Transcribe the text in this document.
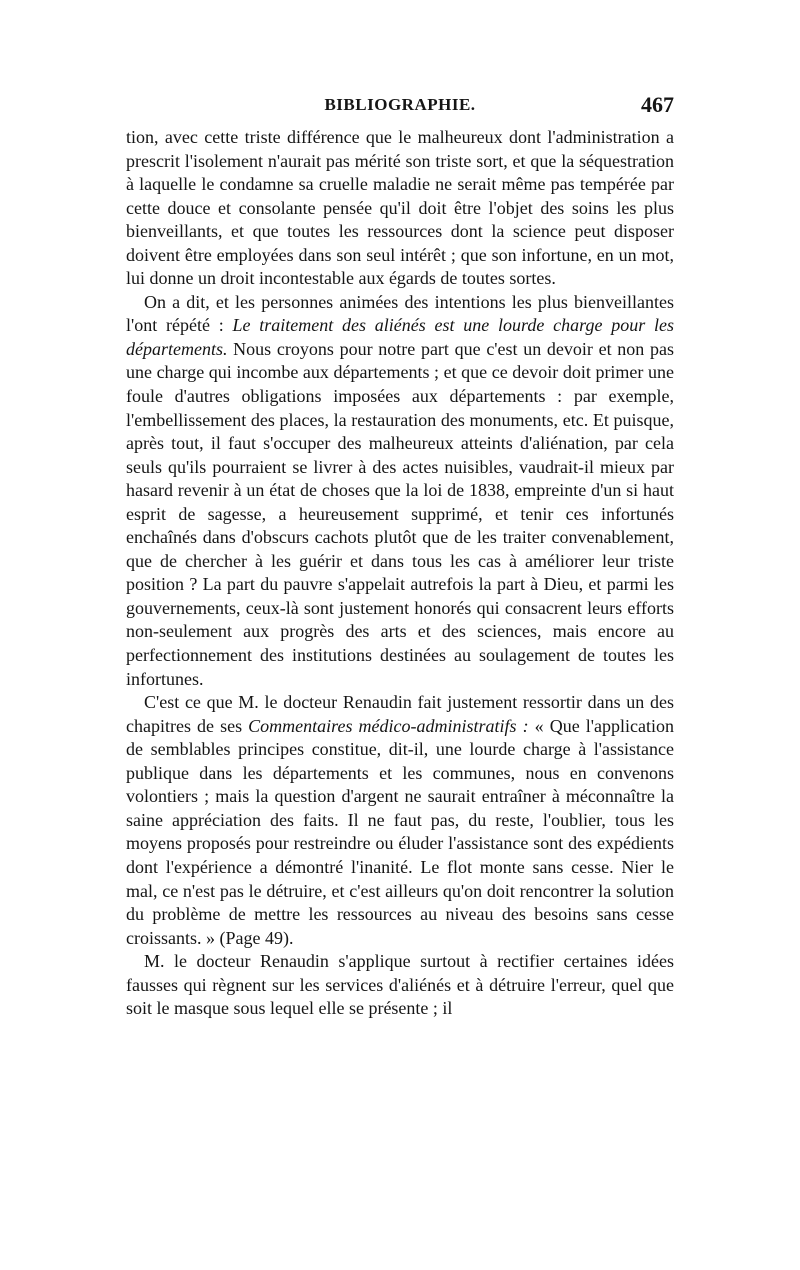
BIBLIOGRAPHIE.	467

tion, avec cette triste différence que le malheureux dont l'administration a prescrit l'isolement n'aurait pas mérité son triste sort, et que la séquestration à laquelle le condamne sa cruelle maladie ne serait même pas tempérée par cette douce et consolante pensée qu'il doit être l'objet des soins les plus bienveillants, et que toutes les ressources dont la science peut disposer doivent être employées dans son seul intérêt ; que son infortune, en un mot, lui donne un droit incontestable aux égards de toutes sortes.

On a dit, et les personnes animées des intentions les plus bienveillantes l'ont répété : Le traitement des aliénés est une lourde charge pour les départements. Nous croyons pour notre part que c'est un devoir et non pas une charge qui incombe aux départements ; et que ce devoir doit primer une foule d'autres obligations imposées aux départements : par exemple, l'embellissement des places, la restauration des monuments, etc. Et puisque, après tout, il faut s'occuper des malheureux atteints d'aliénation, par cela seuls qu'ils pourraient se livrer à des actes nuisibles, vaudrait-il mieux par hasard revenir à un état de choses que la loi de 1838, empreinte d'un si haut esprit de sagesse, a heureusement supprimé, et tenir ces infortunés enchaînés dans d'obscurs cachots plutôt que de les traiter convenablement, que de chercher à les guérir et dans tous les cas à améliorer leur triste position ? La part du pauvre s'appelait autrefois la part à Dieu, et parmi les gouvernements, ceux-là sont justement honorés qui consacrent leurs efforts non-seulement aux progrès des arts et des sciences, mais encore au perfectionnement des institutions destinées au soulagement de toutes les infortunes.

C'est ce que M. le docteur Renaudin fait justement ressortir dans un des chapitres de ses Commentaires médico-administratifs : « Que l'application de semblables principes constitue, dit-il, une lourde charge à l'assistance publique dans les départements et les communes, nous en convenons volontiers ; mais la question d'argent ne saurait entraîner à méconnaître la saine appréciation des faits. Il ne faut pas, du reste, l'oublier, tous les moyens proposés pour restreindre ou éluder l'assistance sont des expédients dont l'expérience a démontré l'inanité. Le flot monte sans cesse. Nier le mal, ce n'est pas le détruire, et c'est ailleurs qu'on doit rencontrer la solution du problème de mettre les ressources au niveau des besoins sans cesse croissants. » (Page 49).

M. le docteur Renaudin s'applique surtout à rectifier certaines idées fausses qui règnent sur les services d'aliénés et à détruire l'erreur, quel que soit le masque sous lequel elle se présente ; il
